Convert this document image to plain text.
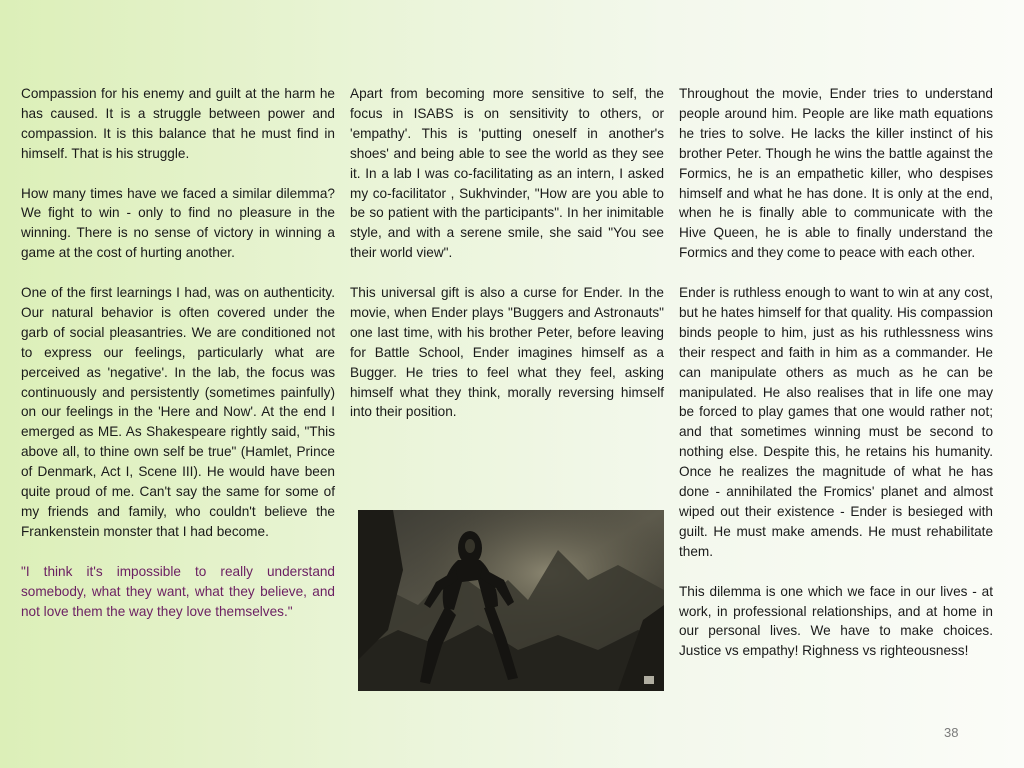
Compassion for his enemy and guilt at the harm he has caused. It is a struggle between power and compassion. It is this balance that he must find in himself. That is his struggle.

How many times have we faced a similar dilemma? We fight to win - only to find no pleasure in the winning. There is no sense of victory in winning a game at the cost of hurting another.

One of the first learnings I had, was on authenticity. Our natural behavior is often covered under the garb of social pleasantries. We are conditioned not to express our feelings, particularly what are perceived as 'negative'. In the lab, the focus was continuously and persistently (sometimes painfully) on our feelings in the 'Here and Now'. At the end I emerged as ME. As Shakespeare rightly said, "This above all, to thine own self be true" (Hamlet, Prince of Denmark, Act I, Scene III). He would have been quite proud of me. Can't say the same for some of my friends and family, who couldn't believe the Frankenstein monster that I had become.

"I think it's impossible to really understand somebody, what they want, what they believe, and not love them the way they love themselves."

Apart from becoming more sensitive to self, the focus in ISABS is on sensitivity to others, or 'empathy'. This is 'putting oneself in another's shoes' and being able to see the world as they see it. In a lab I was co-facilitating as an intern, I asked my co-facilitator , Sukhvinder, "How are you able to be so patient with the participants". In her inimitable style, and with a serene smile, she said "You see their world view".

This universal gift is also a curse for Ender. In the movie, when Ender plays "Buggers and Astronauts" one last time, with his brother Peter, before leaving for Battle School, Ender imagines himself as a Bugger. He tries to feel what they feel, asking himself what they think, morally reversing himself into their position.

Throughout the movie, Ender tries to understand people around him. People are like math equations he tries to solve. He lacks the killer instinct of his brother Peter. Though he wins the battle against the Formics, he is an empathetic killer, who despises himself and what he has done. It is only at the end, when he is finally able to communicate with the Hive Queen, he is able to finally understand the Formics and they come to peace with each other.

Ender is ruthless enough to want to win at any cost, but he hates himself for that quality. His compassion binds people to him, just as his ruthlessness wins their respect and faith in him as a commander. He can manipulate others as much as he can be manipulated. He also realises that in life one may be forced to play games that one would rather not; and that sometimes winning must be second to nothing else. Despite this, he retains his humanity. Once he realizes the magnitude of what he has done - annihilated the Fromics' planet and almost wiped out their existence - Ender is besieged with guilt. He must make amends. He must rehabilitate them.

This dilemma is one which we face in our lives - at work, in professional relationships, and at home in our personal lives. We have to make choices. Justice vs empathy! Righness vs righteousness!

38
